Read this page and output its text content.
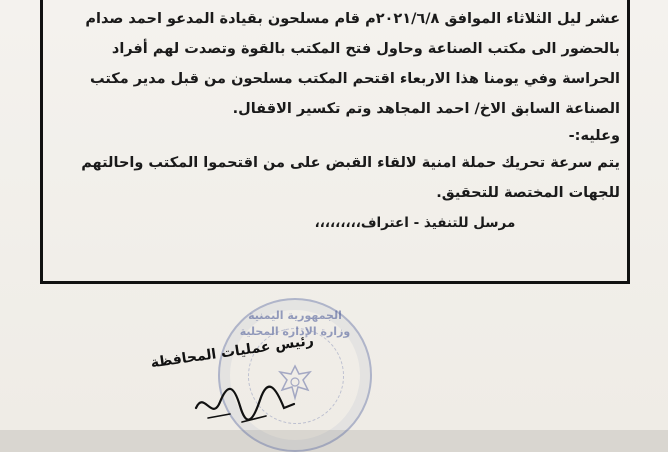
عشر ليل الثلاثاء الموافق ٢٠٢١/٦/٨م قام مسلحون بقيادة المدعو احمد صدام
بالحضور الى مكتب الصناعة وحاول فتح المكتب بالقوة وتصدت لهم أفراد
الحراسة وفي يومنا هذا الاربعاء اقتحم المكتب مسلحون من قبل مدير مكتب
الصناعة السابق الاخ/ احمد المجاهد وتم تكسير الاقفال.
وعليه:-
يتم سرعة تحريك حملة امنية لالقاء القبض على من اقتحموا المكتب واحالتهم
للجهات المختصة للتحقيق.
مرسل للتنفيذ - اعتراف،،،،،،،،،
الجمهورية اليمنية
وزارة الإدارة المحلية
رئيس عمليات المحافظة
